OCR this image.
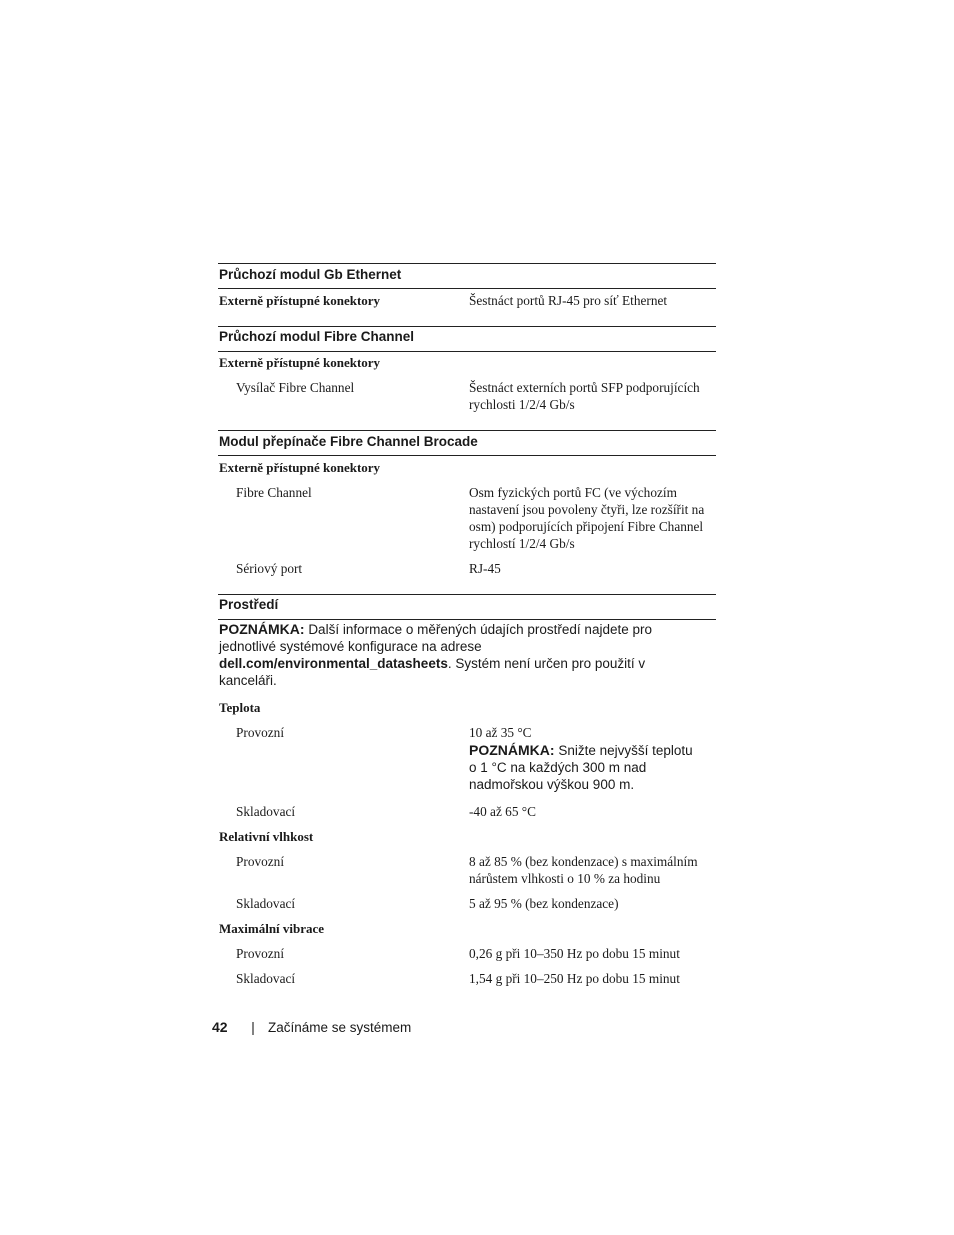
Průchozí modul Gb Ethernet
Externě přístupné konektory	Šestnáct portů RJ-45 pro síť Ethernet
Průchozí modul Fibre Channel
Externě přístupné konektory
Vysílač Fibre Channel	Šestnáct externích portů SFP podporujících
rychlosti 1/2/4 Gb/s
Modul přepínače Fibre Channel Brocade
Externě přístupné konektory
Fibre Channel	Osm fyzických portů FC (ve výchozím
nastavení jsou povoleny čtyři, lze rozšířit na
osm) podporujících připojení Fibre Channel
rychlostí 1/2/4 Gb/s
Sériový port	RJ-45
Prostředí
POZNÁMKA: Další informace o měřených údajích prostředí najdete pro
jednotlivé systémové konfigurace na adrese
dell.com/environmental_datasheets. Systém není určen pro použití v
kanceláři.
Teplota
Provozní	10 až 35 °C
POZNÁMKA: Snižte nejvyšší teplotu
o 1 °C na každých 300 m nad
nadmořskou výškou 900 m.
Skladovací	-40 až 65 °C
Relativní vlhkost
Provozní	8 až 85 % (bez kondenzace) s maximálním
nárůstem vlhkosti o 10 % za hodinu
Skladovací	5 až 95 % (bez kondenzace)
Maximální vibrace
Provozní	0,26 g při 10–350 Hz po dobu 15 minut
Skladovací	1,54 g při 10–250 Hz po dobu 15 minut
42 | Začínáme se systémem
